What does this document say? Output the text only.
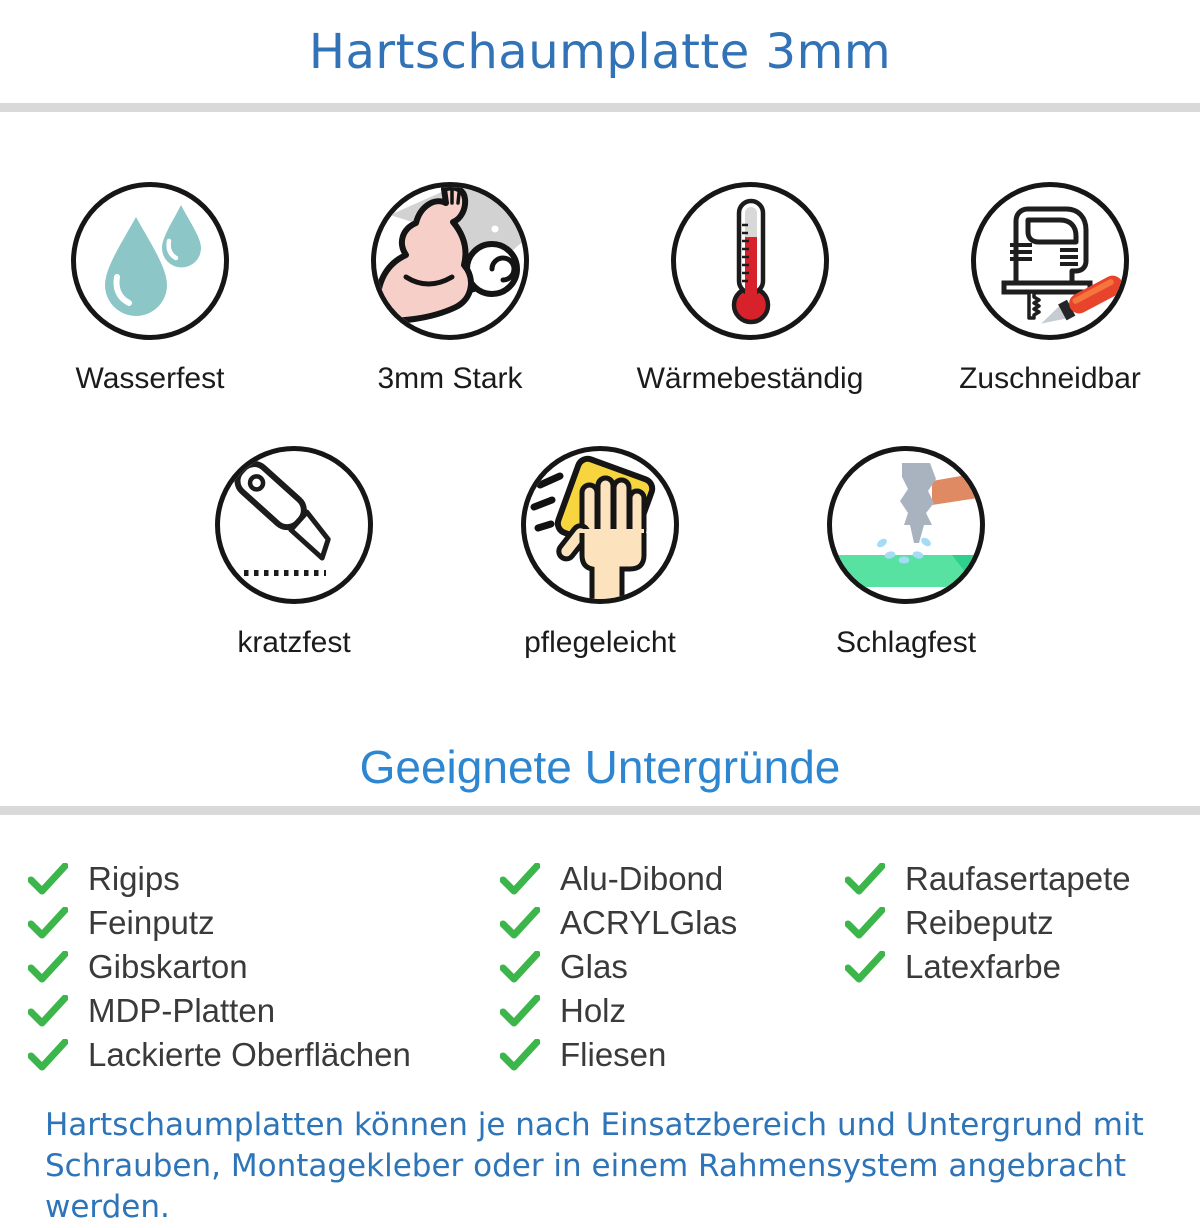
Hartschaumplatte 3mm
Wasserfest	3mm Stark	Wärmebeständig	Zuschneidbar
kratzfest	pflegeleicht	Schlagfest
Geeignete Untergründe
Rigips
Feinputz
Gibskarton
MDP-Platten
Lackierte Oberflächen
Alu-Dibond
ACRYLGlas
Glas
Holz
Fliesen
Raufasertapete
Reibeputz
Latexfarbe

Hartschaumplatten können je nach Einsatzbereich und Untergrund mit
Schrauben, Montagekleber oder in einem Rahmensystem angebracht werden.
